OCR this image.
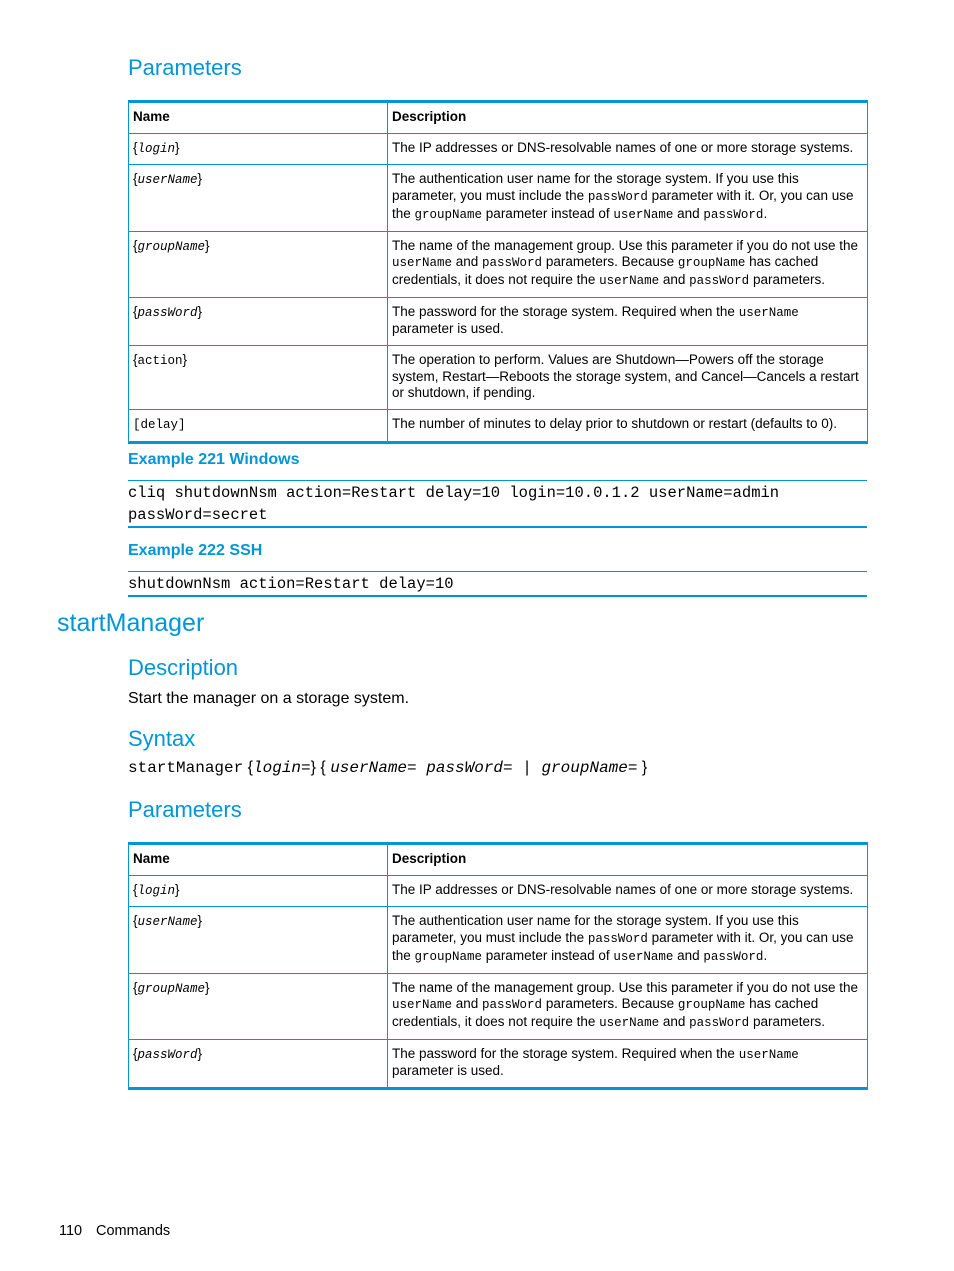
Parameters
Name	Description
{login}	The IP addresses or DNS-resolvable names of one or more storage systems.
{userName}	The authentication user name for the storage system. If you use this parameter, you must include the passWord parameter with it. Or, you can use the groupName parameter instead of userName and passWord.
{groupName}	The name of the management group. Use this parameter if you do not use the userName and passWord parameters. Because groupName has cached credentials, it does not require the userName and passWord parameters.
{passWord}	The password for the storage system. Required when the userName parameter is used.
{action}	The operation to perform. Values are Shutdown—Powers off the storage system, Restart—Reboots the storage system, and Cancel—Cancels a restart or shutdown, if pending.
[delay]	The number of minutes to delay prior to shutdown or restart (defaults to 0).
Example 221 Windows
cliq shutdownNsm action=Restart delay=10 login=10.0.1.2 userName=admin
passWord=secret
Example 222 SSH
shutdownNsm action=Restart delay=10
startManager
Description
Start the manager on a storage system.
Syntax
startManager {login=} { userName= passWord= | groupName= }
Parameters
Name	Description
{login}	The IP addresses or DNS-resolvable names of one or more storage systems.
{userName}	The authentication user name for the storage system. If you use this parameter, you must include the passWord parameter with it. Or, you can use the groupName parameter instead of userName and passWord.
{groupName}	The name of the management group. Use this parameter if you do not use the userName and passWord parameters. Because groupName has cached credentials, it does not require the userName and passWord parameters.
{passWord}	The password for the storage system. Required when the userName parameter is used.
110 Commands
